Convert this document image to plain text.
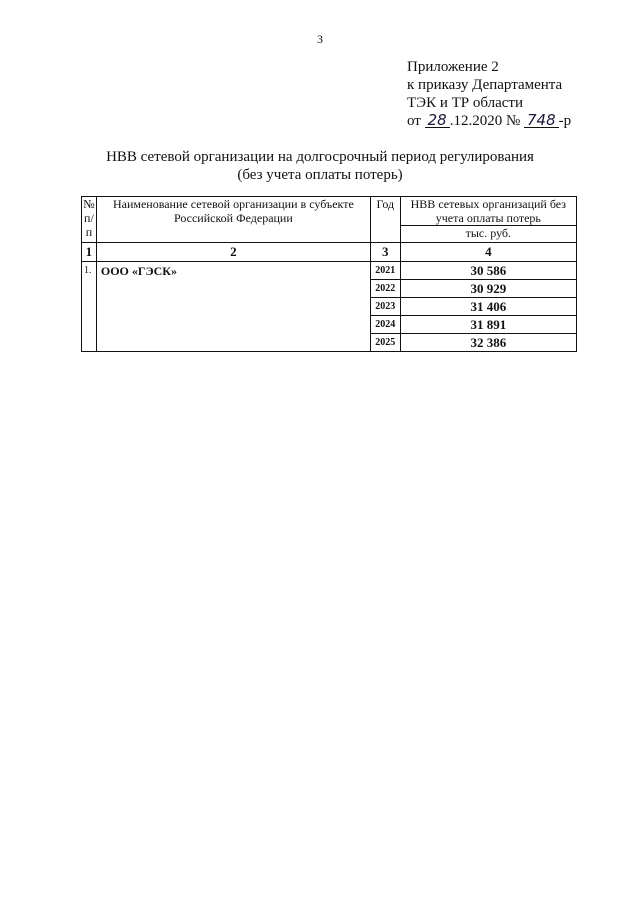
3
Приложение 2
к приказу Департамента
ТЭК и ТР области
от 28 .12.2020 № 748 -р
НВВ сетевой организации на долгосрочный период регулирования
(без учета оплаты потерь)
№ п/п	Наименование сетевой организации в субъекте Российской Федерации	Год	НВВ сетевых организаций без учета оплаты потерь
			тыс. руб.
1	2	3	4
1.	ООО «ГЭСК»	2021	30 586
		2022	30 929
		2023	31 406
		2024	31 891
		2025	32 386
